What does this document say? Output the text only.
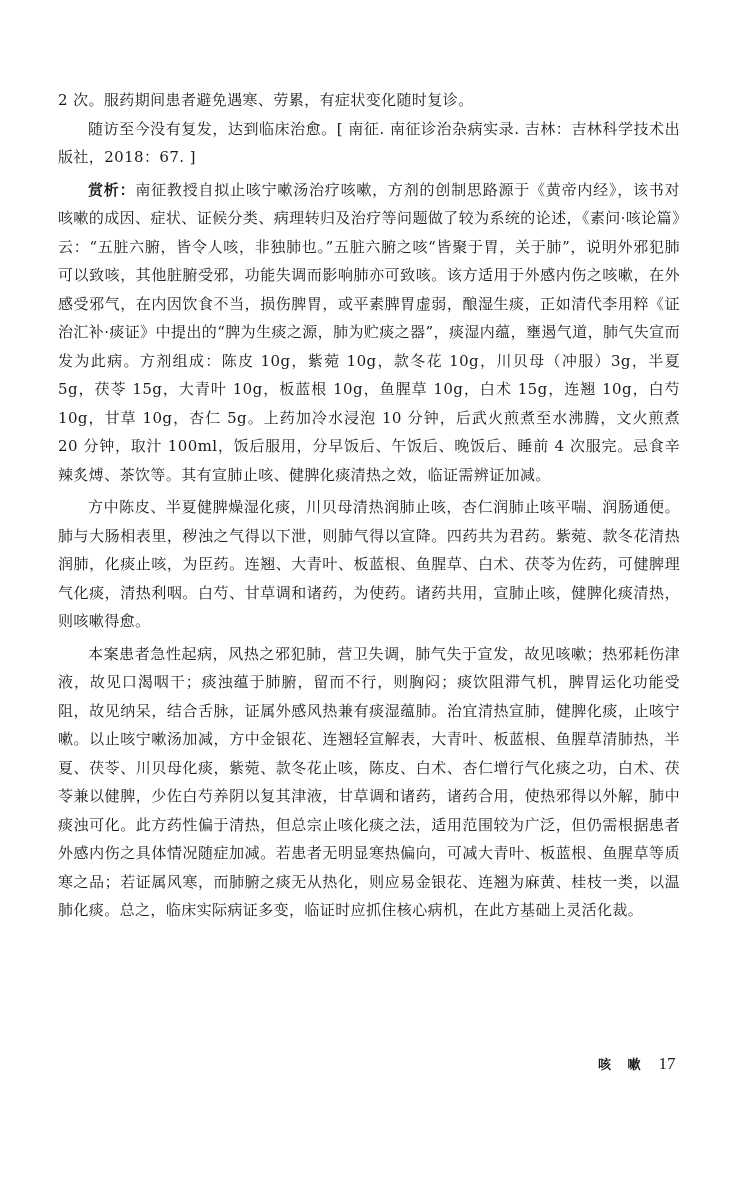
2 次。服药期间患者避免遇寒、劳累，有症状变化随时复诊。

随访至今没有复发，达到临床治愈。[ 南征. 南征诊治杂病实录. 吉林：吉林科学技术出版社，2018：67. ]

赏析：南征教授自拟止咳宁嗽汤治疗咳嗽，方剂的创制思路源于《黄帝内经》，该书对咳嗽的成因、症状、证候分类、病理转归及治疗等问题做了较为系统的论述，《素问·咳论篇》云：“五脏六腑，皆令人咳，非独肺也。”五脏六腑之咳“皆聚于胃，关于肺”，说明外邪犯肺可以致咳，其他脏腑受邪，功能失调而影响肺亦可致咳。该方适用于外感内伤之咳嗽，在外感受邪气，在内因饮食不当，损伤脾胃，或平素脾胃虚弱，酿湿生痰，正如清代李用粹《证治汇补·痰证》中提出的“脾为生痰之源，肺为贮痰之器”，痰湿内蕴，壅遏气道，肺气失宣而发为此病。方剂组成：陈皮 10g，紫菀 10g，款冬花 10g，川贝母（冲服）3g，半夏 5g，茯苓 15g，大青叶 10g，板蓝根 10g，鱼腥草 10g，白术 15g，连翘 10g，白芍 10g，甘草 10g，杏仁 5g。上药加冷水浸泡 10 分钟，后武火煎煮至水沸腾，文火煎煮 20 分钟，取汁 100ml，饭后服用，分早饭后、午饭后、晚饭后、睡前 4 次服完。忌食辛辣炙煿、茶饮等。其有宣肺止咳、健脾化痰清热之效，临证需辨证加减。

方中陈皮、半夏健脾燥湿化痰，川贝母清热润肺止咳，杏仁润肺止咳平喘、润肠通便。肺与大肠相表里，秽浊之气得以下泄，则肺气得以宣降。四药共为君药。紫菀、款冬花清热润肺，化痰止咳，为臣药。连翘、大青叶、板蓝根、鱼腥草、白术、茯苓为佐药，可健脾理气化痰，清热利咽。白芍、甘草调和诸药，为使药。诸药共用，宣肺止咳，健脾化痰清热，则咳嗽得愈。

本案患者急性起病，风热之邪犯肺，营卫失调，肺气失于宣发，故见咳嗽；热邪耗伤津液，故见口渴咽干；痰浊蕴于肺腑，留而不行，则胸闷；痰饮阻滞气机，脾胃运化功能受阻，故见纳呆，结合舌脉，证属外感风热兼有痰湿蕴肺。治宜清热宣肺，健脾化痰，止咳宁嗽。以止咳宁嗽汤加减，方中金银花、连翘轻宣解表，大青叶、板蓝根、鱼腥草清肺热，半夏、茯苓、川贝母化痰，紫菀、款冬花止咳，陈皮、白术、杏仁增行气化痰之功，白术、茯苓兼以健脾，少佐白芍养阴以复其津液，甘草调和诸药，诸药合用，使热邪得以外解，肺中痰浊可化。此方药性偏于清热，但总宗止咳化痰之法，适用范围较为广泛，但仍需根据患者外感内伤之具体情况随症加减。若患者无明显寒热偏向，可减大青叶、板蓝根、鱼腥草等质寒之品；若证属风寒，而肺腑之痰无从热化，则应易金银花、连翘为麻黄、桂枝一类，以温肺化痰。总之，临床实际病证多变，临证时应抓住核心病机，在此方基础上灵活化裁。

咳 嗽 17
